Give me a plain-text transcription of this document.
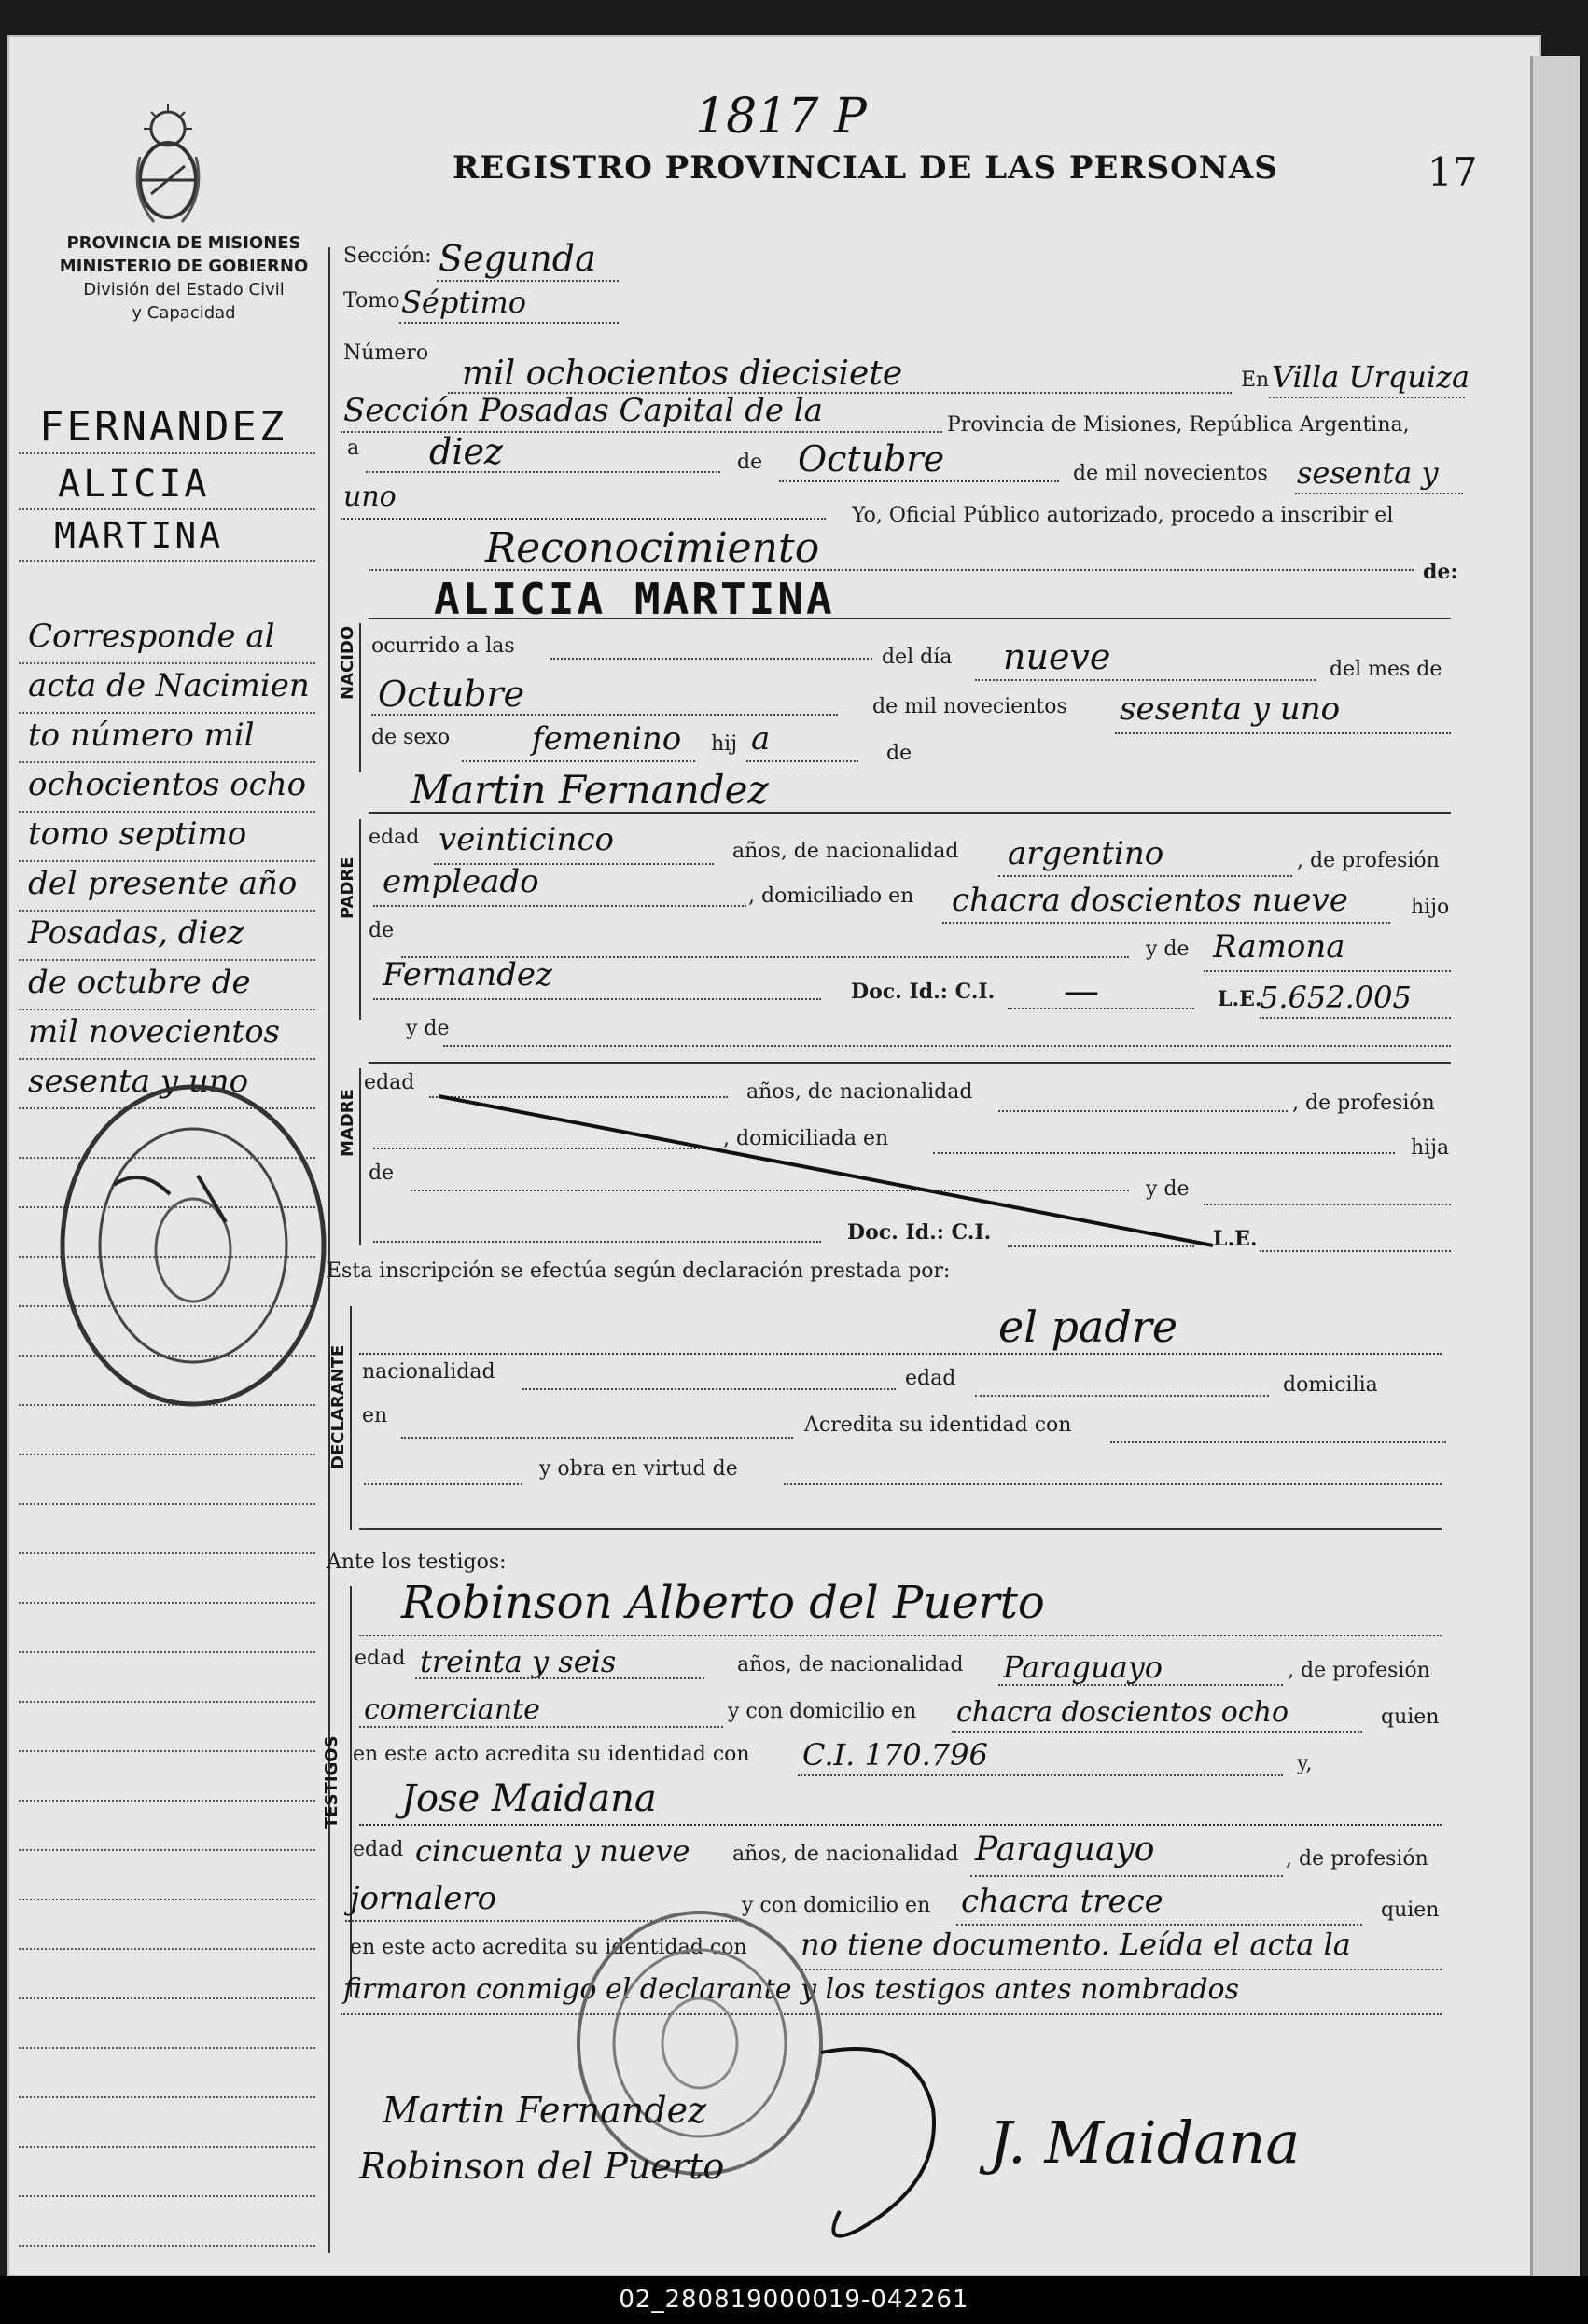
PROVINCIA DE MISIONES
MINISTERIO DE GOBIERNO
División del Estado Civil
y Capacidad
1817 P
REGISTRO PROVINCIAL DE LAS PERSONAS	17
FERNANDEZ
ALICIA
MARTINA
Corresponde al
acta de Nacimien
to número mil
ochocientos ocho
tomo septimo
del presente año
Posadas, diez
de octubre de
mil novecientos
sesenta y uno
Sección: Segunda
Tomo Séptimo
Número
mil ochocientos diecisiete	En Villa Urquiza
Sección Posadas Capital de la	Provincia de Misiones, República Argentina,
a diez	de Octubre	de mil novecientos sesenta y
uno
Yo, Oficial Público autorizado, procedo a inscribir el
Reconocimiento	de:
ALICIA MARTINA
NACIDO ocurrido a las	del día nueve	del mes de
Octubre	de mil novecientos sesenta y uno
de sexo	femenino hij a	de
Martin Fernandez
PADRE
edad veinticinco	años, de nacionalidad argentino	, de profesión
empleado	, domiciliado en chacra doscientos nueve	hijo
de
y de Ramona
Fernandez	Doc. Id.: C.I. —	L.E.
5.652.005
y de
MADRE
edad	años, de nacionalidad	, de profesión
, domiciliada en	hija
de
y de
Doc. Id.: C.I.	L.E.
Esta inscripción se efectúa según declaración prestada por:
DECLARANTE
el padre
nacionalidad	edad	domicilia
en	Acredita su identidad con
y obra en virtud de
Ante los testigos:
TESTIGOS
Robinson Alberto del Puerto
edad treinta y seis	años, de nacionalidad Paraguayo	, de profesión
comerciante	y con domicilio en chacra doscientos ocho	quien
en este acto acredita su identidad con C.I. 170.796	y,
Jose Maidana
edad cincuenta y nueve años, de nacionalidad Paraguayo	, de profesión
jornalero	y con domicilio en chacra trece	quien
en este acto acredita su identidad con no tiene documento. Leída el acta la
firmaron conmigo el declarante y los testigos antes nombrados
Martin Fernandez
Robinson del Puerto	J. Maidana
02_280819000019-042261
